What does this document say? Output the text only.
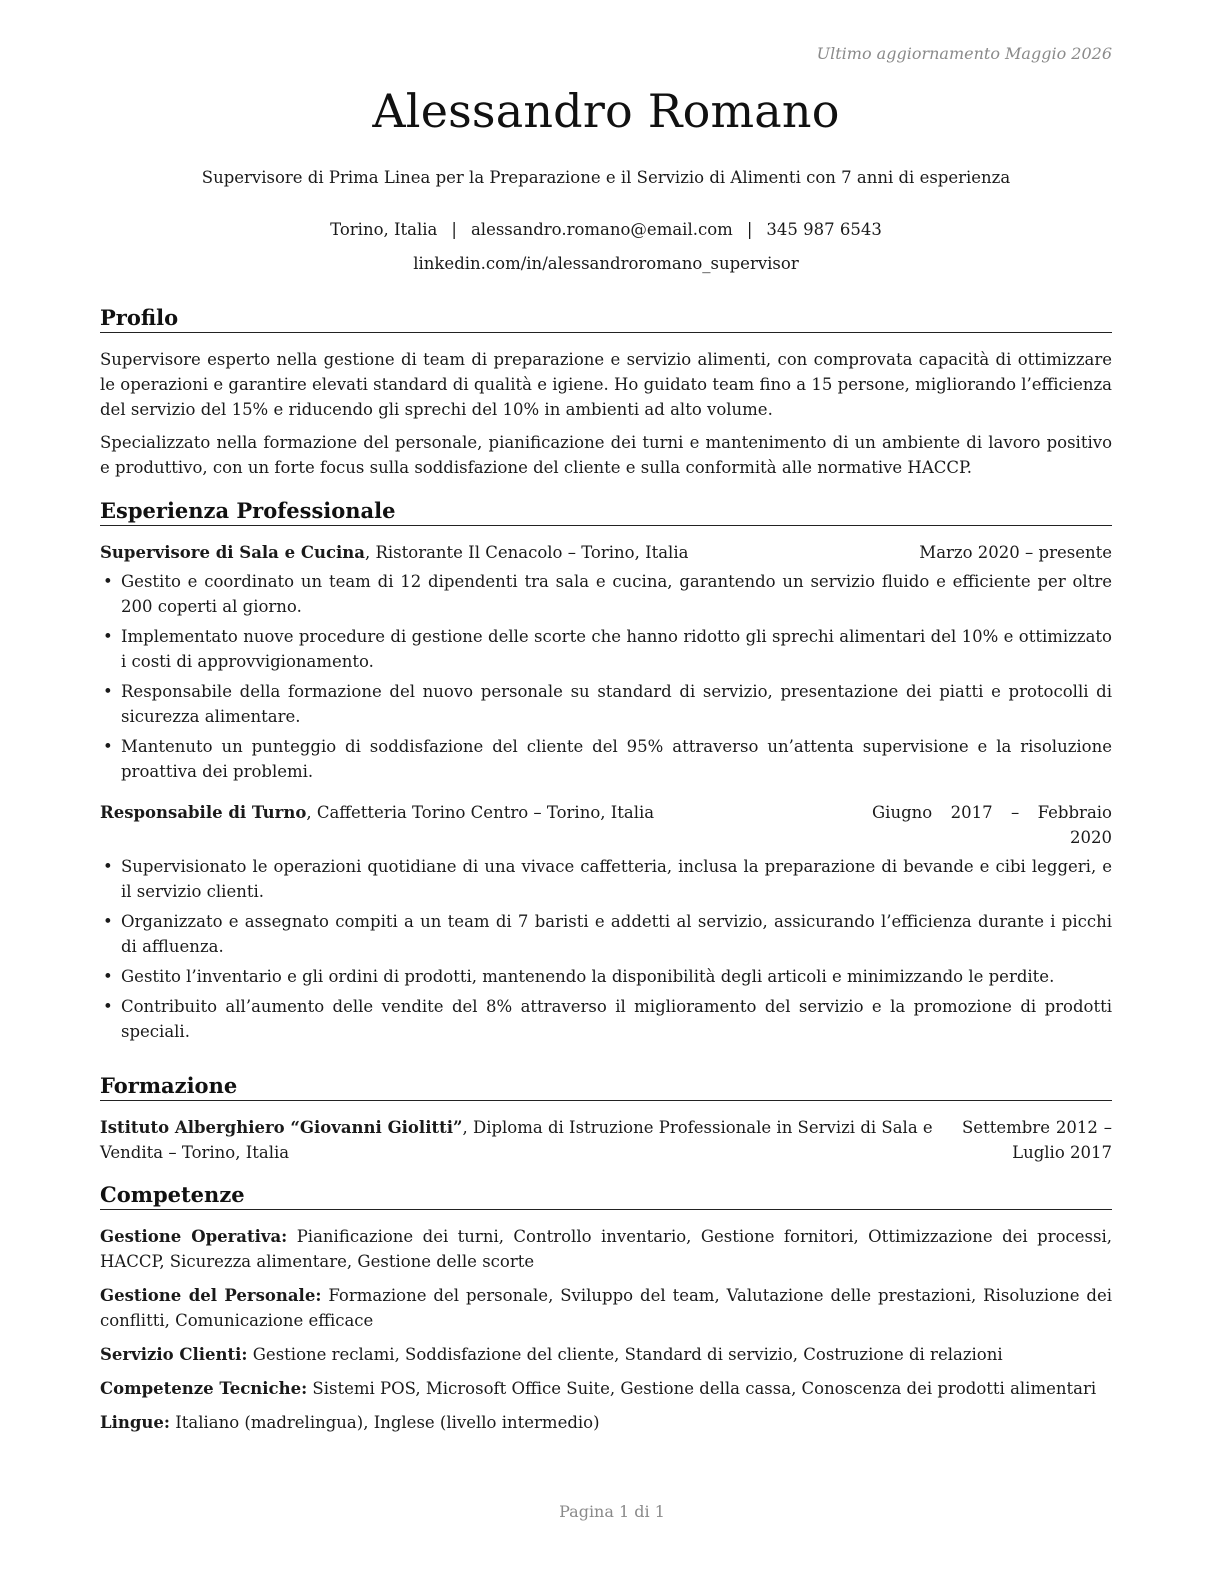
Ultimo aggiornamento Maggio 2026
Alessandro Romano
Supervisore di Prima Linea per la Preparazione e il Servizio di Alimenti con 7 anni di esperienza
Torino, Italia | alessandro.romano@email.com | 345 987 6543
linkedin.com/in/alessandroromano_supervisor
Profilo

Supervisore esperto nella gestione di team di preparazione e servizio alimenti, con comprovata capacità di ottimizzare le operazioni e garantire elevati standard di qualità e igiene. Ho guidato team fino a 15 persone, migliorando l’efficienza del servizio del 15% e riducendo gli sprechi del 10% in ambienti ad alto volume.

Specializzato nella formazione del personale, pianificazione dei turni e mantenimento di un ambiente di lavoro positivo e produttivo, con un forte focus sulla soddisfazione del cliente e sulla conformità alle normative HACCP.

Esperienza Professionale
Supervisore di Sala e Cucina, Ristorante Il Cenacolo – Torino, Italia	Marzo 2020 – presente
• Gestito e coordinato un team di 12 dipendenti tra sala e cucina, garantendo un servizio fluido e efficiente per oltre 200 coperti al giorno.
• Implementato nuove procedure di gestione delle scorte che hanno ridotto gli sprechi alimentari del 10% e ottimizzato i costi di approvvigionamento.
• Responsabile della formazione del nuovo personale su standard di servizio, presentazione dei piatti e protocolli di sicurezza alimentare.
• Mantenuto un punteggio di soddisfazione del cliente del 95% attraverso un’attenta supervisione e la risoluzione proattiva dei problemi.
Responsabile di Turno, Caffetteria Torino Centro – Torino, Italia	Giugno 2017 – Febbraio 2020
• Supervisionato le operazioni quotidiane di una vivace caffetteria, inclusa la preparazione di bevande e cibi leggeri, e il servizio clienti.
• Organizzato e assegnato compiti a un team di 7 baristi e addetti al servizio, assicurando l’efficienza durante i picchi di affluenza.
• Gestito l’inventario e gli ordini di prodotti, mantenendo la disponibilità degli articoli e minimizzando le perdite.
• Contribuito all’aumento delle vendite del 8% attraverso il miglioramento del servizio e la promozione di prodotti speciali.
Formazione
Istituto Alberghiero “Giovanni Giolitti”, Diploma di Istruzione Professionale in Servizi di Sala e Vendita – Torino, Italia
Settembre 2012 – Luglio 2017
Competenze

Gestione Operativa: Pianificazione dei turni, Controllo inventario, Gestione fornitori, Ottimizzazione dei processi, HACCP, Sicurezza alimentare, Gestione delle scorte

Gestione del Personale: Formazione del personale, Sviluppo del team, Valutazione delle prestazioni, Risoluzione dei conflitti, Comunicazione efficace

Servizio Clienti: Gestione reclami, Soddisfazione del cliente, Standard di servizio, Costruzione di relazioni

Competenze Tecniche: Sistemi POS, Microsoft Office Suite, Gestione della cassa, Conoscenza dei prodotti alimentari

Lingue: Italiano (madrelingua), Inglese (livello intermedio)

Pagina 1 di 1
